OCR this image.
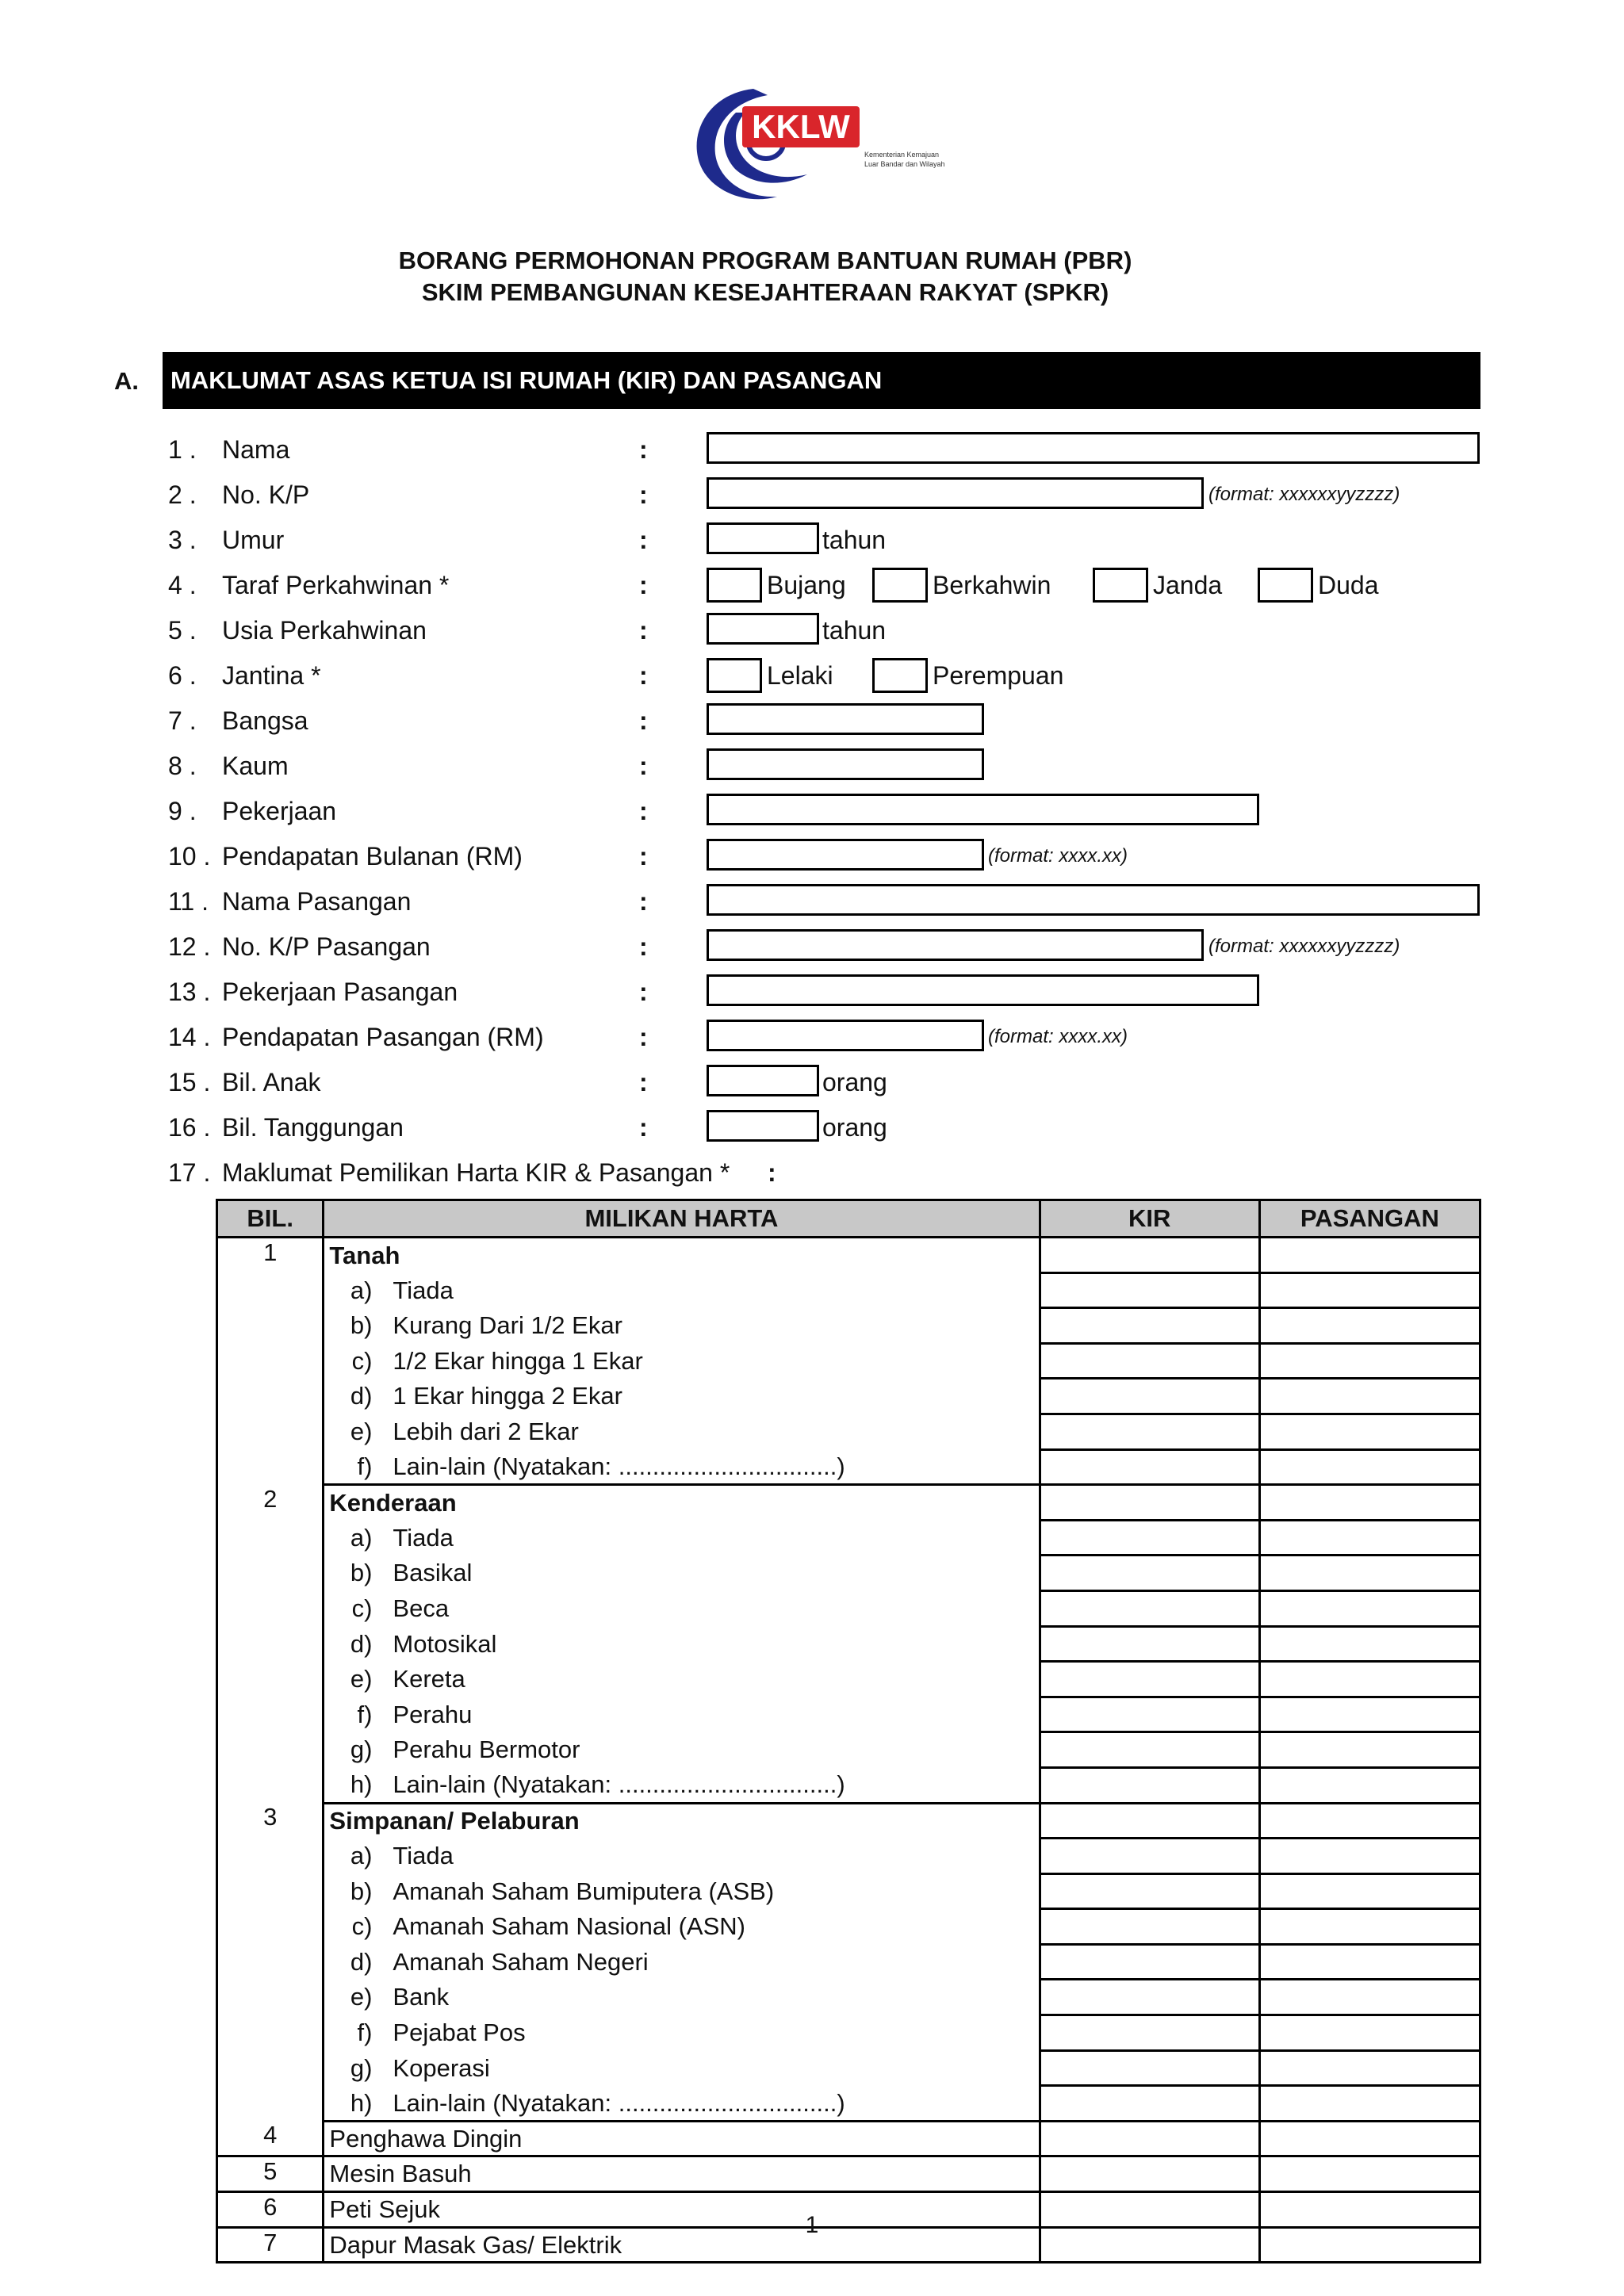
KKLW
Kementerian Kemajuan
Luar Bandar dan Wilayah
BORANG PERMOHONAN PROGRAM BANTUAN RUMAH (PBR)
SKIM PEMBANGUNAN KESEJAHTERAAN RAKYAT (SPKR)
A.	MAKLUMAT ASAS KETUA ISI RUMAH (KIR) DAN PASANGAN
1 . Nama	:
2 . No. K/P	:	(format: xxxxxxyyzzzz)
3 . Umur	:	tahun
4 . Taraf Perkahwinan *	:	Bujang	Berkahwin	Janda	Duda
5 . Usia Perkahwinan	:	tahun
6 . Jantina *	:	Lelaki	Perempuan
7 . Bangsa	:
8 . Kaum	:
9 . Pekerjaan	:
10 . Pendapatan Bulanan (RM)	:	(format: xxxx.xx)
11 . Nama Pasangan	:
12 . No. K/P Pasangan	:	(format: xxxxxxyyzzzz)
13 . Pekerjaan Pasangan	:
14 . Pendapatan Pasangan (RM)	:	(format: xxxx.xx)
15 . Bil. Anak	:	orang
16 . Bil. Tanggungan	:	orang
17 . Maklumat Pemilikan Harta KIR & Pasangan * :
BIL.	MILIKAN HARTA	KIR	PASANGAN
1	Tanah		
	a) Tiada		
	b) Kurang Dari 1/2 Ekar		
	c) 1/2 Ekar hingga 1 Ekar		
	d) 1 Ekar hingga 2 Ekar		
	e) Lebih dari 2 Ekar		
	f) Lain-lain (Nyatakan: ................................)		
2	Kenderaan		
	a) Tiada		
	b) Basikal		
	c) Beca		
	d) Motosikal		
	e) Kereta		
	f) Perahu		
	g) Perahu Bermotor		
	h) Lain-lain (Nyatakan: ................................)		
3	Simpanan/ Pelaburan		
	a) Tiada		
	b) Amanah Saham Bumiputera (ASB)		
	c) Amanah Saham Nasional (ASN)		
	d) Amanah Saham Negeri		
	e) Bank		
	f) Pejabat Pos		
	g) Koperasi		
	h) Lain-lain (Nyatakan: ................................)		
4	Penghawa Dingin		
5	Mesin Basuh		
6	Peti Sejuk		
7	Dapur Masak Gas/ Elektrik		
1
